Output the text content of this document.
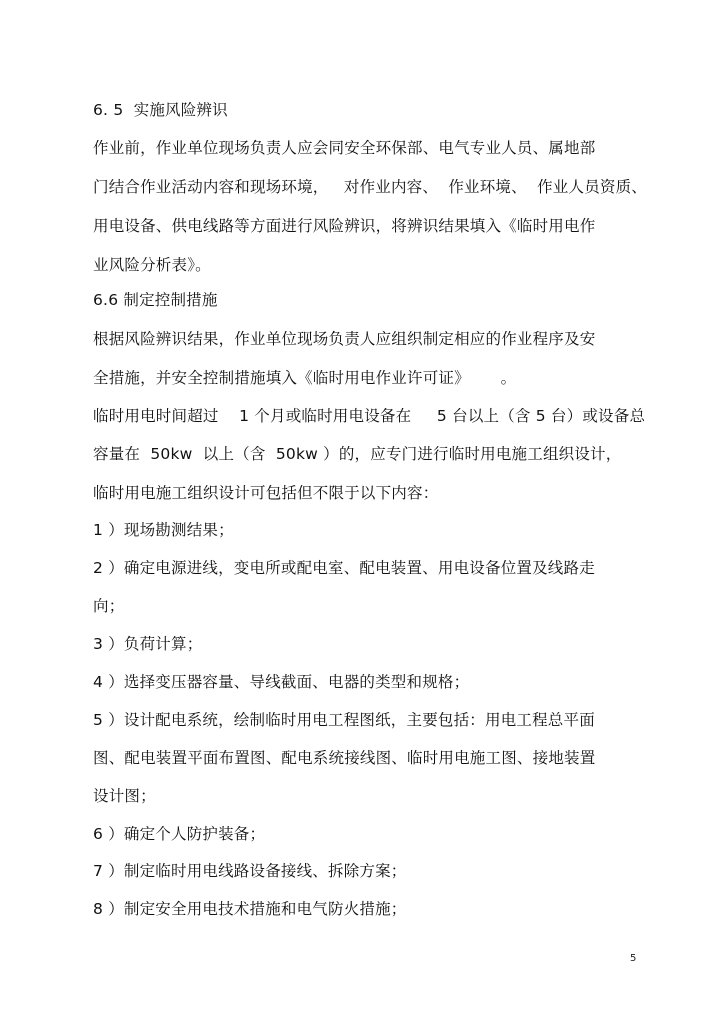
6. 5  实施风险辨识
作业前，作业单位现场负责人应会同安全环保部、电气专业人员、属地部
门结合作业活动内容和现场环境，   对作业内容、  作业环境、  作业人员资质、
用电设备、供电线路等方面进行风险辨识，将辨识结果填入《临时用电作
业风险分析表》。
6.6 制定控制措施
根据风险辨识结果，作业单位现场负责人应组织制定相应的作业程序及安
全措施，并安全控制措施填入《临时用电作业许可证》      。
临时用电时间超过    1 个月或临时用电设备在     5 台以上（含 5 台）或设备总
容量在  50kw  以上（含  50kw ）的，应专门进行临时用电施工组织设计，
临时用电施工组织设计可包括但不限于以下内容：
1 ）现场勘测结果；
2 ）确定电源进线，变电所或配电室、配电装置、用电设备位置及线路走
向；
3 ）负荷计算；
4 ）选择变压器容量、导线截面、电器的类型和规格；
5 ）设计配电系统，绘制临时用电工程图纸，主要包括：用电工程总平面
图、配电装置平面布置图、配电系统接线图、临时用电施工图、接地装置
设计图；
6 ）确定个人防护装备；
7 ）制定临时用电线路设备接线、拆除方案；
8 ）制定安全用电技术措施和电气防火措施；
5
